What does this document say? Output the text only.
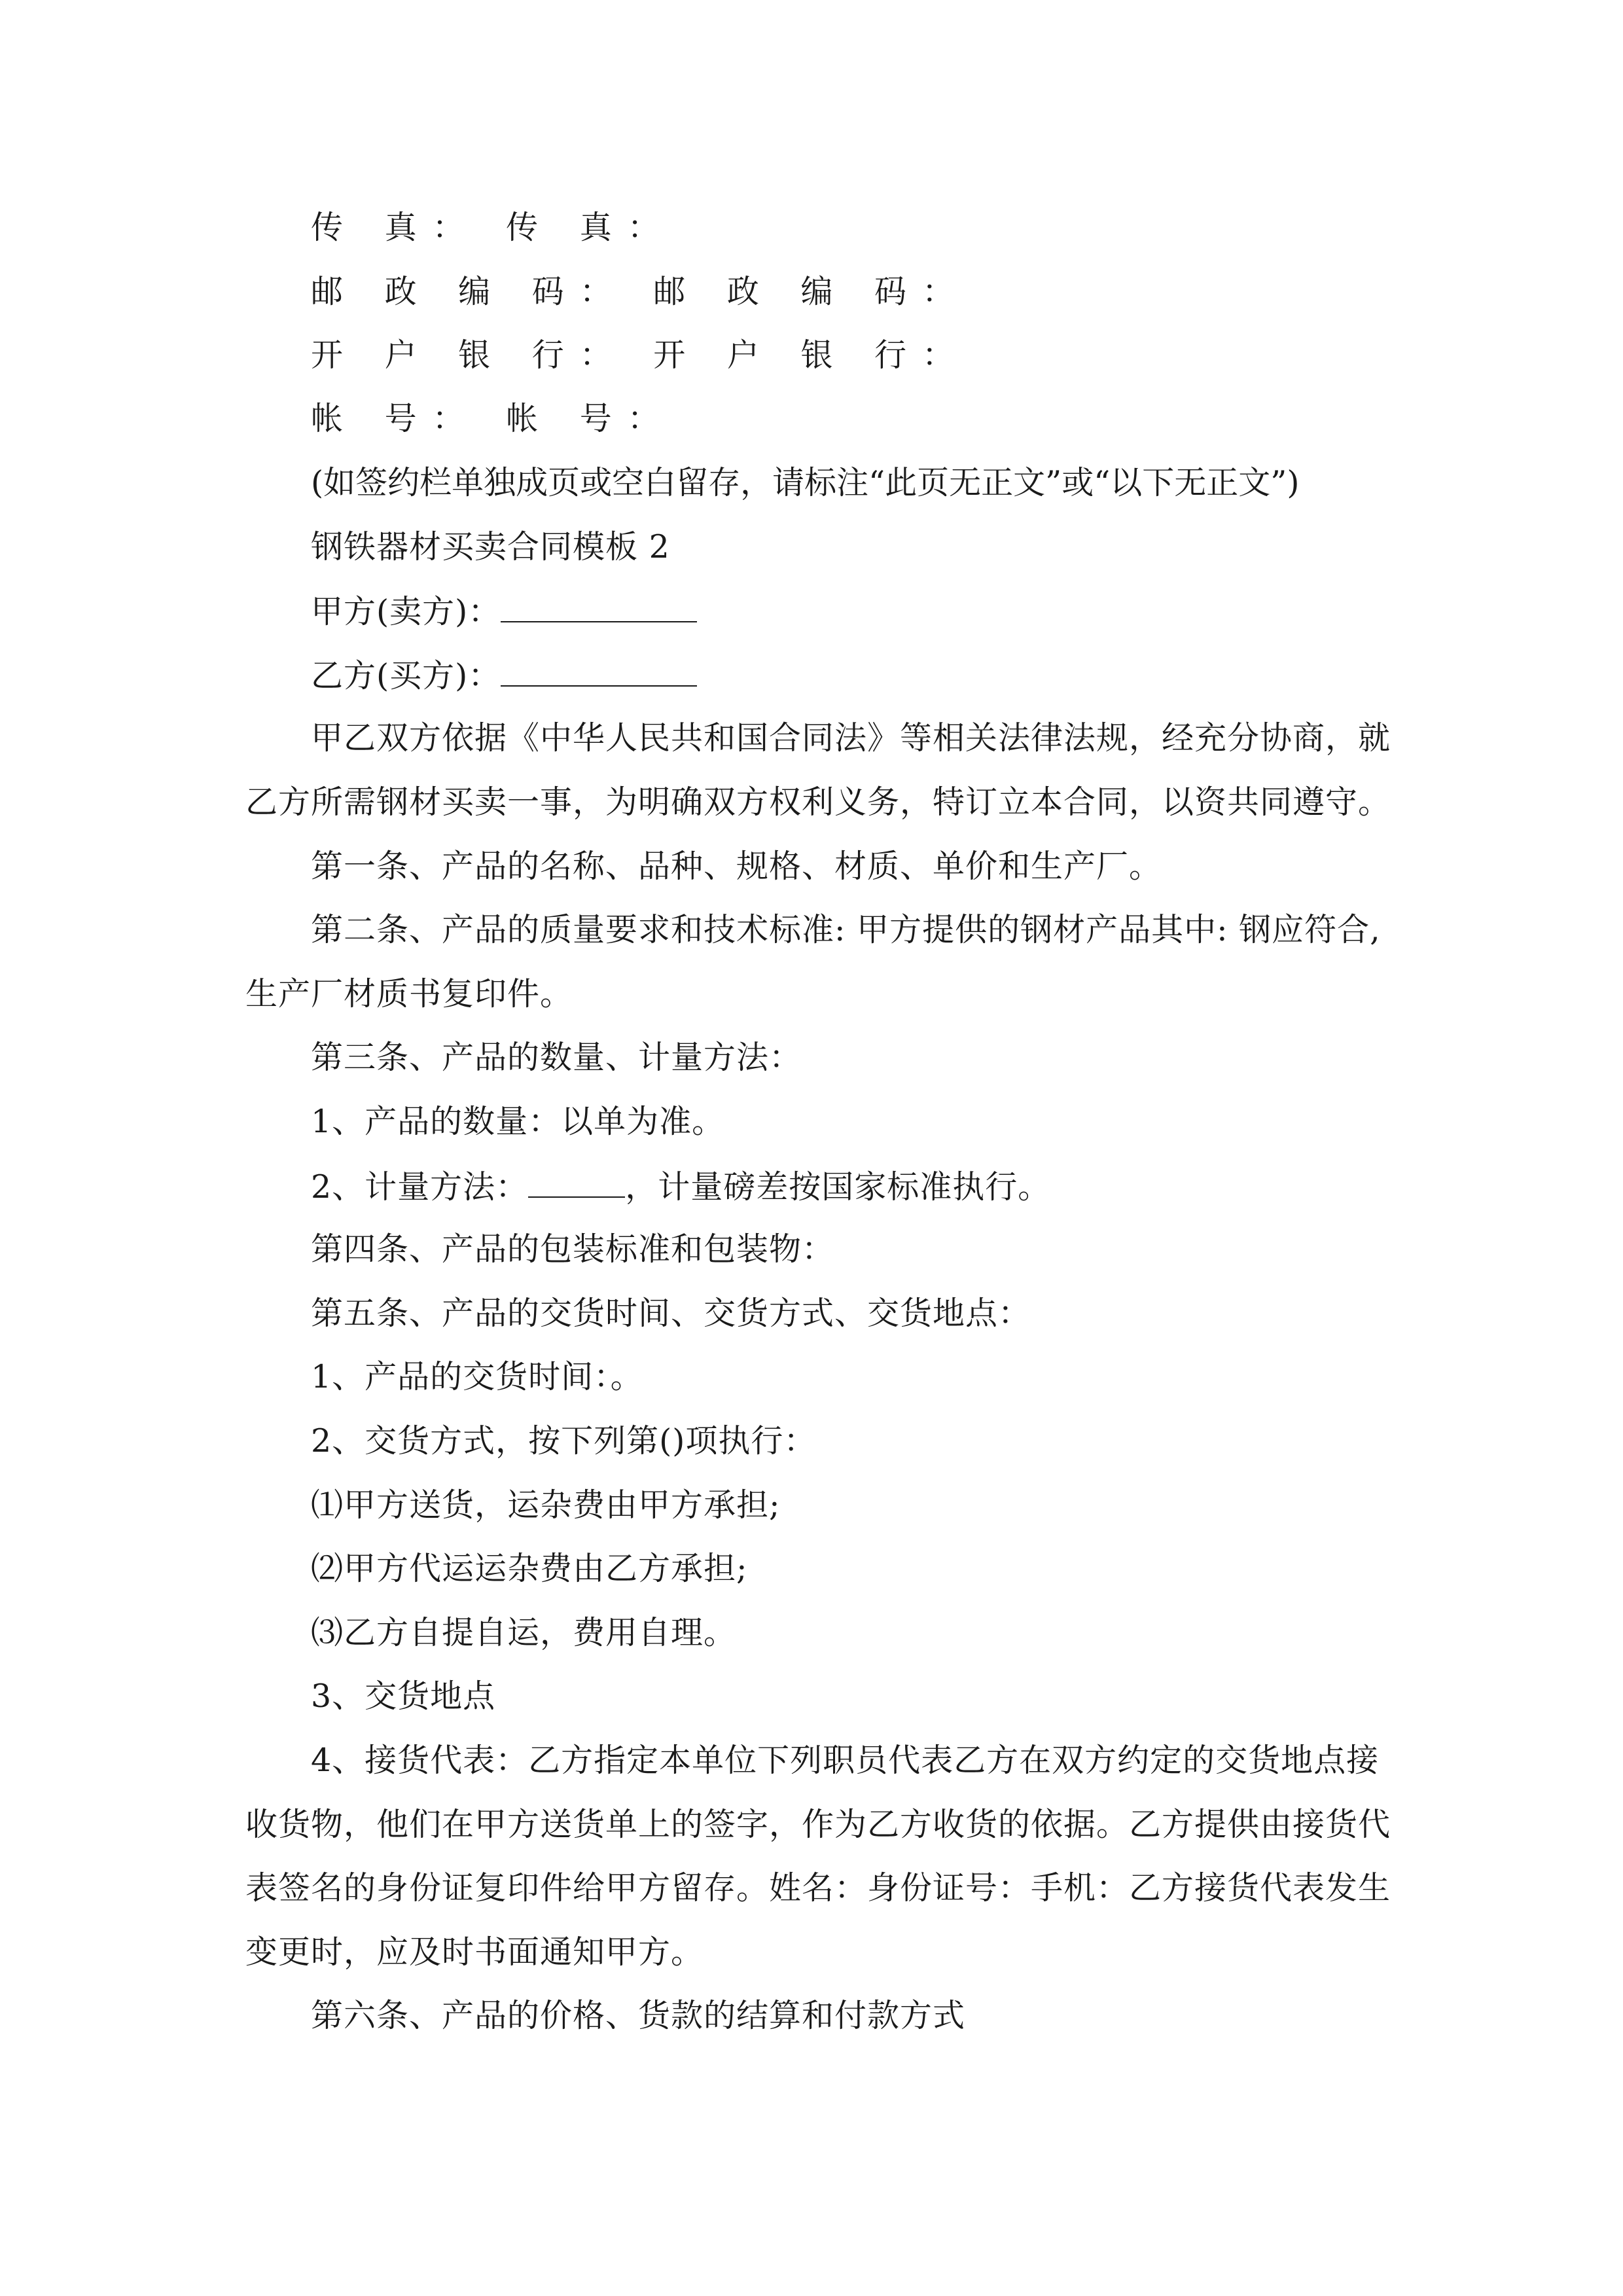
传 真： 传 真：
邮 政 编 码： 邮 政 编 码：
开 户 银 行： 开 户 银 行：
帐 号： 帐 号：
(如签约栏单独成页或空白留存，请标注“此页无正文”或“以下无正文”)
钢铁器材买卖合同模板 2
甲方(卖方)：
乙方(买方)：
甲乙双方依据《中华人民共和国合同法》等相关法律法规，经充分协商，就
乙方所需钢材买卖一事，为明确双方权利义务，特订立本合同，以资共同遵守。
第一条、产品的名称、品种、规格、材质、单价和生产厂。
第二条、产品的质量要求和技术标准: 甲方提供的钢材产品其中: 钢应符合,
生产厂材质书复印件。
第三条、产品的数量、计量方法：
1、产品的数量：以单为准。
2、计量方法：	，计量磅差按国家标准执行。
第四条、产品的包装标准和包装物：
第五条、产品的交货时间、交货方式、交货地点：
1、产品的交货时间：。
2、交货方式，按下列第()项执行：
⑴甲方送货，运杂费由甲方承担;
⑵甲方代运运杂费由乙方承担;
⑶乙方自提自运，费用自理。
3、交货地点
4、接货代表：乙方指定本单位下列职员代表乙方在双方约定的交货地点接
收货物，他们在甲方送货单上的签字，作为乙方收货的依据。乙方提供由接货代
表签名的身份证复印件给甲方留存。姓名：身份证号：手机：乙方接货代表发生
变更时，应及时书面通知甲方。
第六条、产品的价格、货款的结算和付款方式
